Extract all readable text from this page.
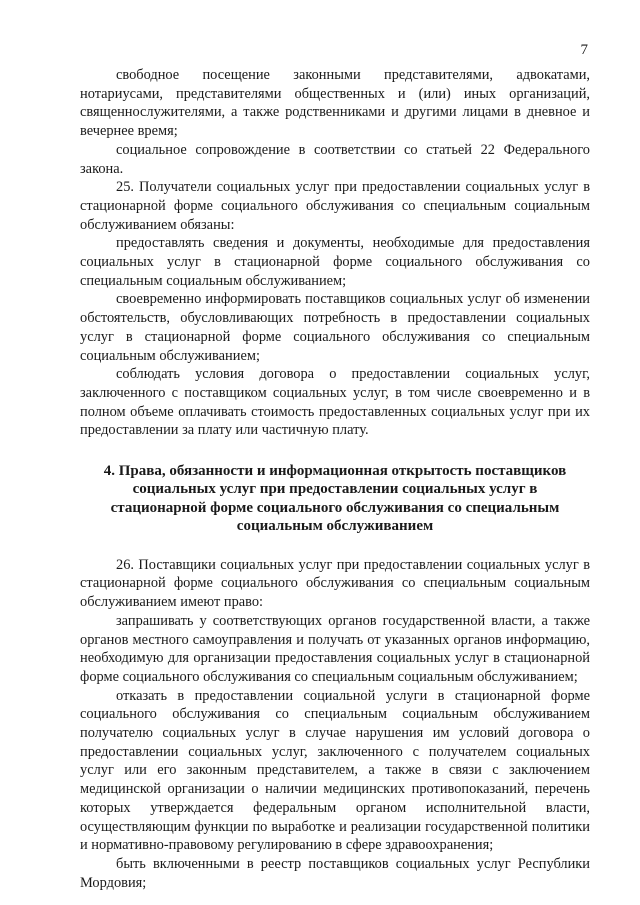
7

свободное посещение законными представителями, адвокатами, нотариусами, представителями общественных и (или) иных организаций, священнослужителями, а также родственниками и другими лицами в дневное и вечернее время;

социальное сопровождение в соответствии со статьей 22 Федерального закона.

25. Получатели социальных услуг при предоставлении социальных услуг в стационарной форме социального обслуживания со специальным социальным обслуживанием обязаны:

предоставлять сведения и документы, необходимые для предоставления социальных услуг в стационарной форме социального обслуживания со специальным социальным обслуживанием;

своевременно информировать поставщиков социальных услуг об изменении обстоятельств, обусловливающих потребность в предоставлении социальных услуг в стационарной форме социального обслуживания со специальным социальным обслуживанием;

соблюдать условия договора о предоставлении социальных услуг, заключенного с поставщиком социальных услуг, в том числе своевременно и в полном объеме оплачивать стоимость предоставленных социальных услуг при их предоставлении за плату или частичную плату.

4. Права, обязанности и информационная открытость поставщиков социальных услуг при предоставлении социальных услуг в стационарной форме социального обслуживания со специальным социальным обслуживанием

26. Поставщики социальных услуг при предоставлении социальных услуг в стационарной форме социального обслуживания со специальным социальным обслуживанием имеют право:

запрашивать у соответствующих органов государственной власти, а также органов местного самоуправления и получать от указанных органов информацию, необходимую для организации предоставления социальных услуг в стационарной форме социального обслуживания со специальным социальным обслуживанием;

отказать в предоставлении социальной услуги в стационарной форме социального обслуживания со специальным социальным обслуживанием получателю социальных услуг в случае нарушения им условий договора о предоставлении социальных услуг, заключенного с получателем социальных услуг или его законным представителем, а также в связи с заключением медицинской организации о наличии медицинских противопоказаний, перечень которых утверждается федеральным органом исполнительной власти, осуществляющим функции по выработке и реализации государственной политики и нормативно-правовому регулированию в сфере здравоохранения;

быть включенными в реестр поставщиков социальных услуг Республики Мордовия;
